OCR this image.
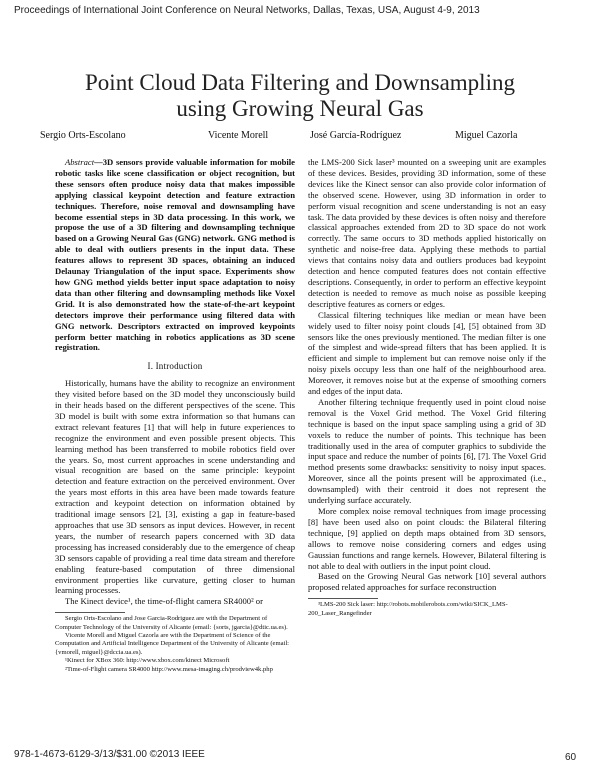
Proceedings of International Joint Conference on Neural Networks, Dallas, Texas, USA, August 4-9, 2013
Point Cloud Data Filtering and Downsampling
using Growing Neural Gas
Sergio Orts-Escolano	Vicente Morell	José García-Rodríguez	Miguel Cazorla

Abstract—3D sensors provide valuable information for mobile robotic tasks like scene classification or object recognition, but these sensors often produce noisy data that makes impossible applying classical keypoint detection and feature extraction techniques. Therefore, noise removal and downsampling have become essential steps in 3D data processing. In this work, we propose the use of a 3D filtering and downsampling technique based on a Growing Neural Gas (GNG) network. GNG method is able to deal with outliers presents in the input data. These features allows to represent 3D spaces, obtaining an induced Delaunay Triangulation of the input space. Experiments show how GNG method yields better input space adaptation to noisy data than other filtering and downsampling methods like Voxel Grid. It is also demonstrated how the state-of-the-art keypoint detectors improve their performance using filtered data with GNG network. Descriptors extracted on improved keypoints perform better matching in robotics applications as 3D scene registration.

I. Introduction

Historically, humans have the ability to recognize an environment they visited before based on the 3D model they unconsciously build in their heads based on the different perspectives of the scene. This 3D model is built with some extra information so that humans can extract relevant features [1] that will help in future experiences to recognize the environment and even possible present objects. This learning method has been transferred to mobile robotics field over the years. So, most current approaches in scene understanding and visual recognition are based on the same principle: keypoint detection and feature extraction on the perceived environment. Over the years most efforts in this area have been made towards feature extraction and keypoint detection on information obtained by traditional image sensors [2], [3], existing a gap in feature-based approaches that use 3D sensors as input devices. However, in recent years, the number of research papers concerned with 3D data processing has increased considerably due to the emergence of cheap 3D sensors capable of providing a real time data stream and therefore enabling feature-based computation of three dimensional environment properties like curvature, getting closer to human learning processes.

The Kinect device¹, the time-of-flight camera SR4000² or

Sergio Orts-Escolano and Jose Garcia-Rodriguez are with the Department of Computer Technology of the University of Alicante (email: {sorts, jgarcia}@dtic.ua.es).

Vicente Morell and Miguel Cazorla are with the Department of Science of the Computation and Artificial Intelligence Department of the University of Alicante (email: {vmorell, miguel}@dccia.ua.es).

¹Kinect for XBox 360: http://www.xbox.com/kinect Microsoft

²Time-of-Flight camera SR4000 http://www.mesa-imaging.ch/prodview4k.php

the LMS-200 Sick laser³ mounted on a sweeping unit are examples of these devices. Besides, providing 3D information, some of these devices like the Kinect sensor can also provide color information of the observed scene. However, using 3D information in order to perform visual recognition and scene understanding is not an easy task. The data provided by these devices is often noisy and therefore classical approaches extended from 2D to 3D space do not work correctly. The same occurs to 3D methods applied historically on synthetic and noise-free data. Applying these methods to partial views that contains noisy data and outliers produces bad keypoint detection and hence computed features does not contain effective descriptions. Consequently, in order to perform an effective keypoint detection is needed to remove as much noise as possible keeping descriptive features as corners or edges.

Classical filtering techniques like median or mean have been widely used to filter noisy point clouds [4], [5] obtained from 3D sensors like the ones previously mentioned. The median filter is one of the simplest and wide-spread filters that has been applied. It is efficient and simple to implement but can remove noise only if the noisy pixels occupy less than one half of the neighbourhood area. Moreover, it removes noise but at the expense of smoothing corners and edges of the input data.

Another filtering technique frequently used in point cloud noise removal is the Voxel Grid method. The Voxel Grid filtering technique is based on the input space sampling using a grid of 3D voxels to reduce the number of points. This technique has been traditionally used in the area of computer graphics to subdivide the input space and reduce the number of points [6], [7]. The Voxel Grid method presents some drawbacks: sensitivity to noisy input spaces. Moreover, since all the points present will be approximated (i.e., downsampled) with their centroid it does not represent the underlying surface accurately.

More complex noise removal techniques from image processing [8] have been used also on point clouds: the Bilateral filtering technique, [9] applied on depth maps obtained from 3D sensors, allows to remove noise considering corners and edges using Gaussian functions and range kernels. However, Bilateral filtering is not able to deal with outliers in the input point cloud.

Based on the Growing Neural Gas network [10] several authors proposed related approaches for surface reconstruction

³LMS-200 Sick laser: http://robots.mobilerobots.com/wiki/SICK_LMS-200_Laser_Rangefinder

978-1-4673-6129-3/13/$31.00 ©2013 IEEE	60
